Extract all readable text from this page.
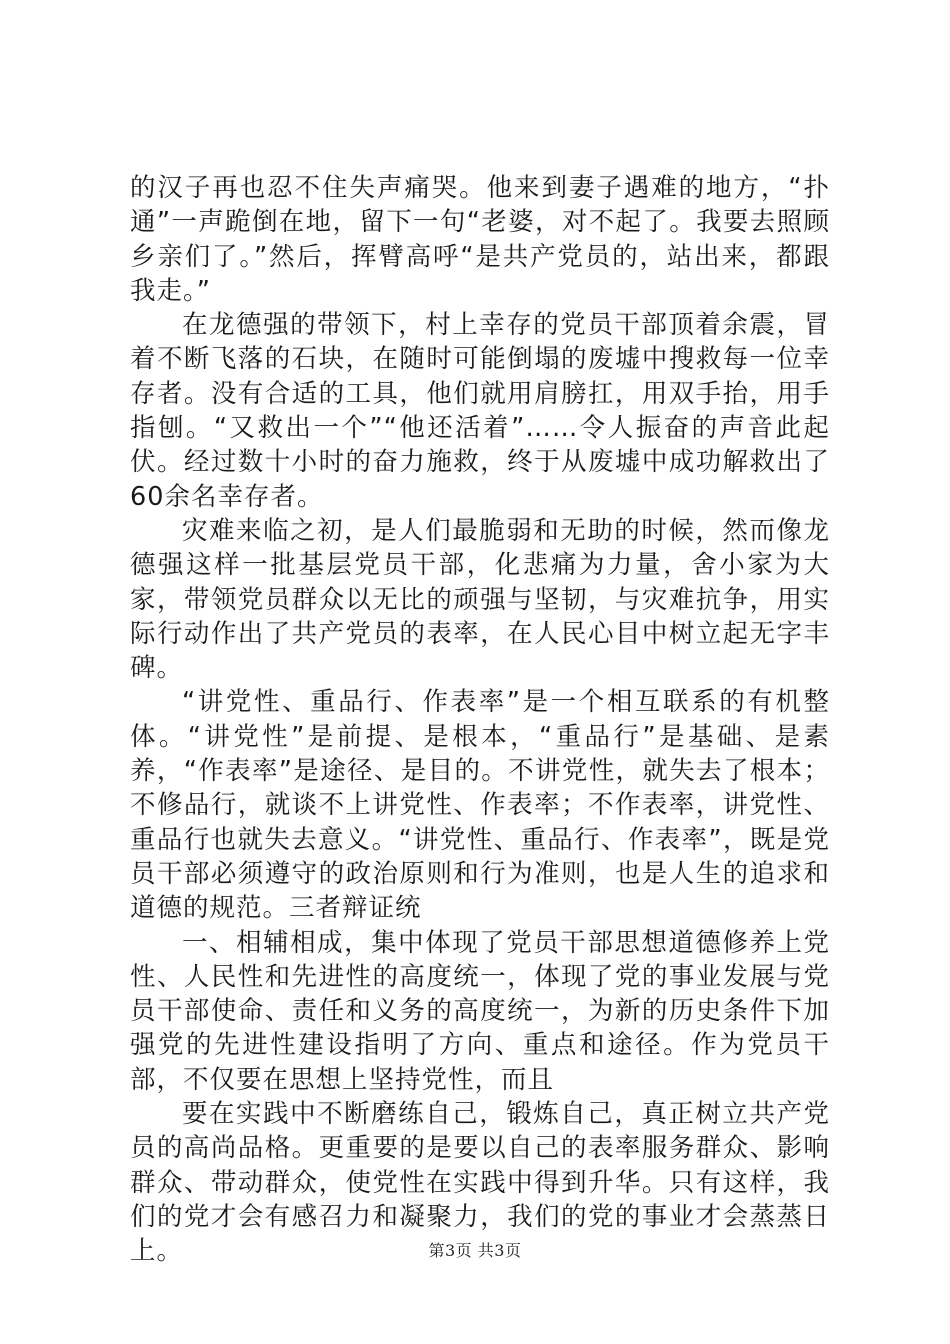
的汉子再也忍不住失声痛哭。他来到妻子遇难的地方，“扑通”一声跪倒在地，留下一句“老婆，对不起了。我要去照顾乡亲们了。”然后，挥臂高呼“是共产党员的，站出来，都跟我走。”

在龙德强的带领下，村上幸存的党员干部顶着余震，冒着不断飞落的石块，在随时可能倒塌的废墟中搜救每一位幸存者。没有合适的工具，他们就用肩膀扛，用双手抬，用手指刨。“又救出一个”“他还活着”……令人振奋的声音此起伏。经过数十小时的奋力施救，终于从废墟中成功解救出了60余名幸存者。

灾难来临之初，是人们最脆弱和无助的时候，然而像龙德强这样一批基层党员干部，化悲痛为力量，舍小家为大家，带领党员群众以无比的顽强与坚韧，与灾难抗争，用实际行动作出了共产党员的表率，在人民心目中树立起无字丰碑。

“讲党性、重品行、作表率”是一个相互联系的有机整体。“讲党性”是前提、是根本，“重品行”是基础、是素养，“作表率”是途径、是目的。不讲党性，就失去了根本；不修品行，就谈不上讲党性、作表率；不作表率，讲党性、重品行也就失去意义。“讲党性、重品行、作表率”，既是党员干部必须遵守的政治原则和行为准则，也是人生的追求和道德的规范。三者辩证统

一、相辅相成，集中体现了党员干部思想道德修养上党性、人民性和先进性的高度统一，体现了党的事业发展与党员干部使命、责任和义务的高度统一，为新的历史条件下加强党的先进性建设指明了方向、重点和途径。作为党员干部，不仅要在思想上坚持党性，而且

要在实践中不断磨练自己，锻炼自己，真正树立共产党员的高尚品格。更重要的是要以自己的表率服务群众、影响群众、带动群众，使党性在实践中得到升华。只有这样，我们的党才会有感召力和凝聚力，我们的党的事业才会蒸蒸日上。	第3页 共3页
